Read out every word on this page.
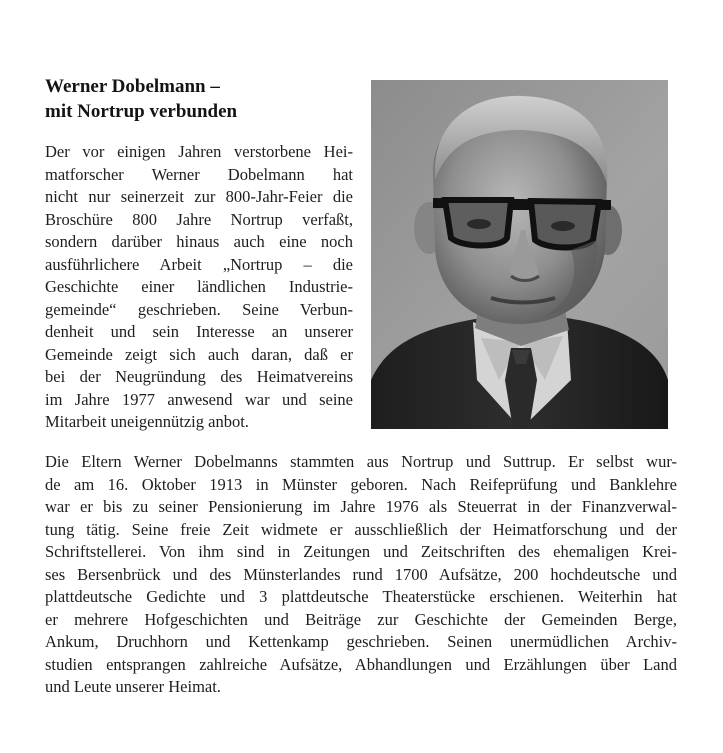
Werner Dobelmann –
mit Nortrup verbunden
Der vor einigen Jahren verstorbene Hei-
matforscher Werner Dobelmann hat
nicht nur seinerzeit zur 800-Jahr-Feier die
Broschüre 800 Jahre Nortrup verfaßt,
sondern darüber hinaus auch eine noch
ausführlichere Arbeit „Nortrup – die
Geschichte einer ländlichen Industrie-
gemeinde“ geschrieben. Seine Verbun-
denheit und sein Interesse an unserer
Gemeinde zeigt sich auch daran, daß er
bei der Neugründung des Heimatvereins
im Jahre 1977 anwesend war und seine
Mitarbeit uneigennützig anbot.
Die Eltern Werner Dobelmanns stammten aus Nortrup und Suttrup. Er selbst wur-
de am 16. Oktober 1913 in Münster geboren. Nach Reifeprüfung und Banklehre
war er bis zu seiner Pensionierung im Jahre 1976 als Steuerrat in der Finanzverwal-
tung tätig. Seine freie Zeit widmete er ausschließlich der Heimatforschung und der
Schriftstellerei. Von ihm sind in Zeitungen und Zeitschriften des ehemaligen Krei-
ses Bersenbrück und des Münsterlandes rund 1700 Aufsätze, 200 hochdeutsche und
plattdeutsche Gedichte und 3 plattdeutsche Theaterstücke erschienen. Weiterhin hat
er mehrere Hofgeschichten und Beiträge zur Geschichte der Gemeinden Berge,
Ankum, Druchhorn und Kettenkamp geschrieben. Seinen unermüdlichen Archiv-
studien entsprangen zahlreiche Aufsätze, Abhandlungen und Erzählungen über Land
und Leute unserer Heimat.
